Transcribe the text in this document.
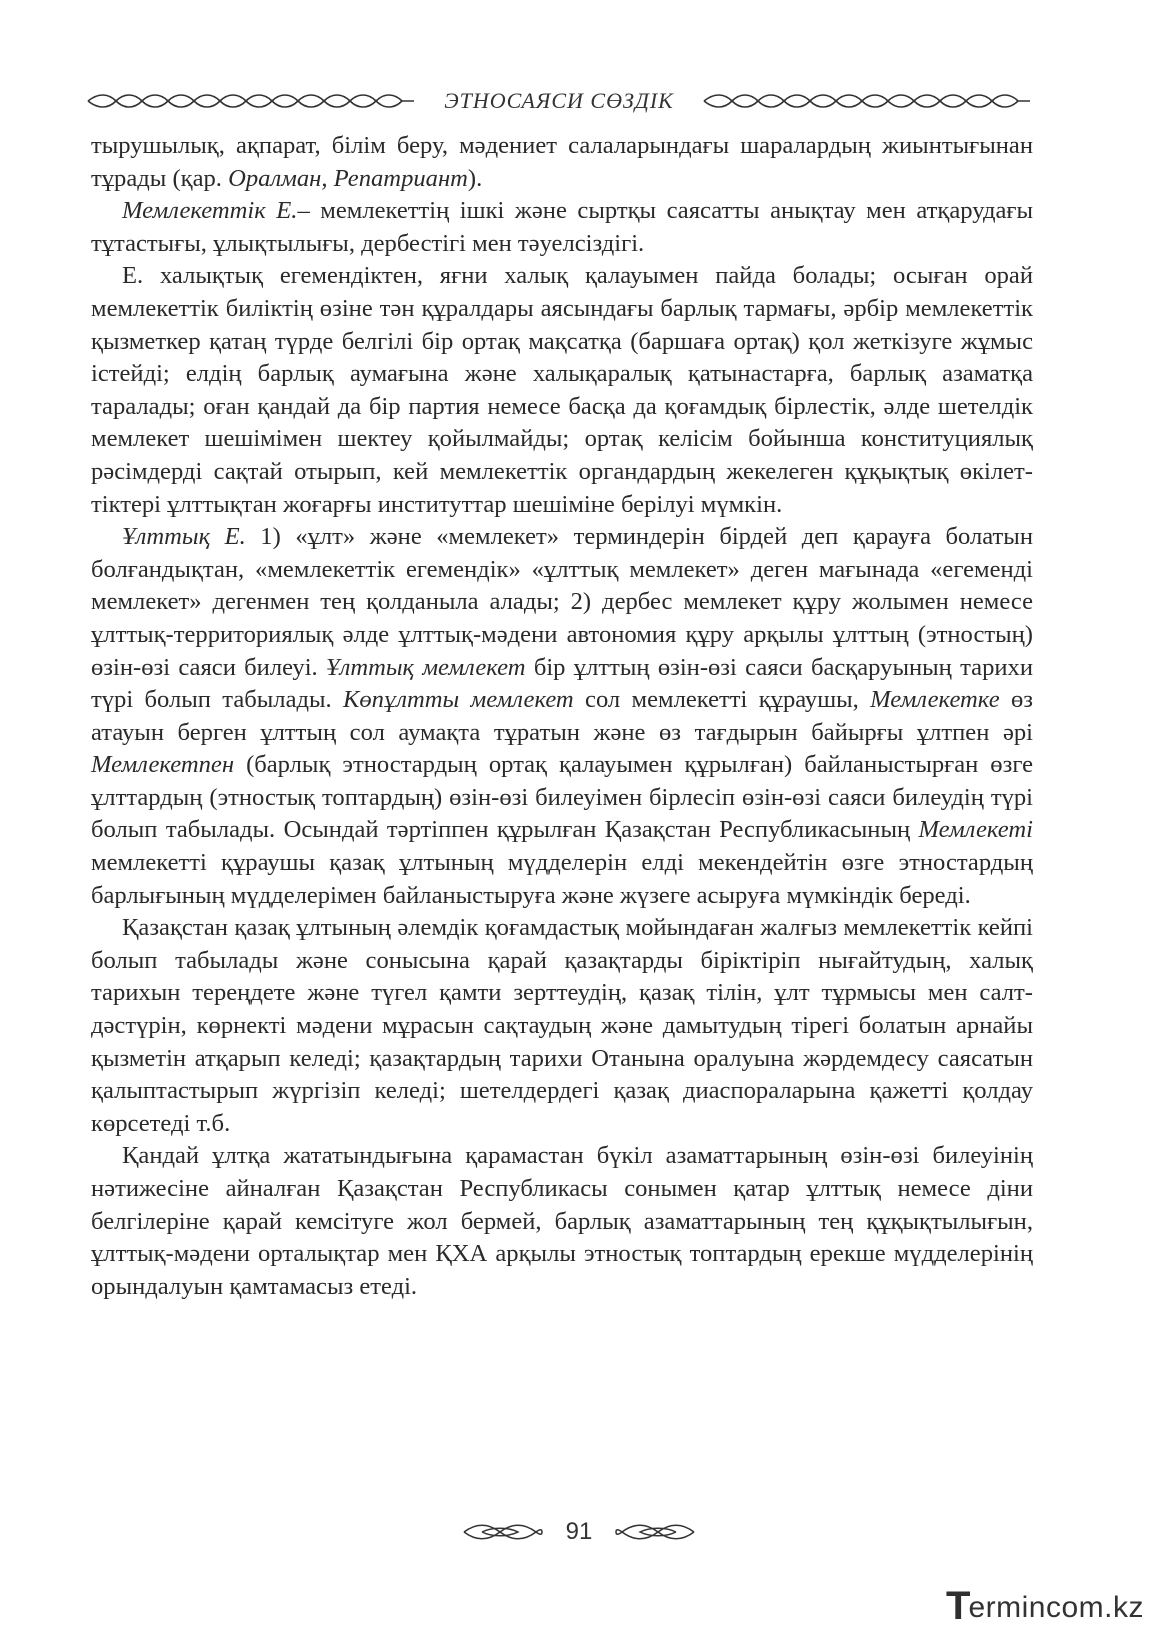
ЭТНОСАЯСИ СӨЗДІК

тырушылық, ақпарат, білім беру, мәдениет салаларындағы шаралардың жиынтығынан тұрады (қар. Оралман, Репатриант).

Мемлекеттік Е.– мемлекеттің ішкі және сыртқы саясатты анықтау мен атқарудағы тұтастығы, ұлықтылығы, дербестігі мен тәуелсіздігі.

Е. халықтық егемендіктен, яғни халық қалауымен пайда болады; осыған орай мемлекеттік биліктің өзіне тән құралдары аясындағы барлық тармағы, әрбір мемлекеттік қызметкер қатаң түрде белгілі бір ортақ мақсатқа (баршаға ортақ) қол жеткізуге жұмыс істейді; елдің барлық аумағына және халықаралық қатынастарға, барлық азаматқа таралады; оған қандай да бір партия немесе басқа да қоғамдық бірлестік, әлде шетелдік мемлекет шешімімен шектеу қойылмайды; ортақ келісім бойынша конституциялық рәсімдерді сақтай отырып, кей мемлекеттік органдардың жекелеген құқықтық өкілеттіктері ұлттықтан жоғарғы институттар шешіміне берілуі мүмкін.

Ұлттық Е. 1) «ұлт» және «мемлекет» терминдерін бірдей деп қарауға болатын болғандықтан, «мемлекеттік егемендік» «ұлттық мемлекет» деген мағынада «егеменді мемлекет» дегенмен тең қолданыла алады; 2) дербес мемлекет құру жолымен немесе ұлттық-территориялық әлде ұлттық-мәдени автономия құру арқылы ұлттың (этностың) өзін-өзі саяси билеуі. Ұлттық мемлекет бір ұлттың өзін-өзі саяси басқаруының тарихи түрі болып табылады. Көпұлтты мемлекет сол мемлекетті құраушы, Мемлекетке өз атауын берген ұлттың сол аумақта тұратын және өз тағдырын байырғы ұлтпен әрі Мемлекетпен (барлық этностардың ортақ қалауымен құрылған) байланыстырған өзге ұлттардың (этностық топтардың) өзін-өзі билеуімен бірлесіп өзін-өзі саяси билеудің түрі болып табылады. Осындай тәртіппен құрылған Қазақстан Республикасының Мемлекеті мемлекетті құраушы қазақ ұлтының мүдделерін елді мекендейтін өзге этностардың барлығының мүдделерімен байланыстыруға және жүзеге асыруға мүмкіндік береді.

Қазақстан қазақ ұлтының әлемдік қоғамдастық мойындаған жалғыз мемлекеттік кейпі болып табылады және сонысына қарай қазақтарды біріктіріп нығайтудың, халық тарихын тереңдете және түгел қамти зерттеудің, қазақ тілін, ұлт тұрмысы мен салт-дәстүрін, көрнекті мәдени мұрасын сақтаудың және дамытудың тірегі болатын арнайы қызметін атқарып келеді; қазақтардың тарихи Отанына оралуына жәрдемдесу саясатын қалыптастырып жүргізіп келеді; шетелдердегі қазақ диаспораларына қажетті қолдау көрсетеді т.б.

Қандай ұлтқа жататындығына қарамастан бүкіл азаматтарының өзін-өзі билеуінің нәтижесіне айналған Қазақстан Республикасы сонымен қатар ұлттық немесе діни белгілеріне қарай кемсітуге жол бермей, барлық азаматтарының тең құқықтылығын, ұлттық-мәдени орталықтар мен ҚХА арқылы этностық топтардың ерекше мүдделерінің орындалуын қамтамасыз етеді.

91
T
ermincom.kz
